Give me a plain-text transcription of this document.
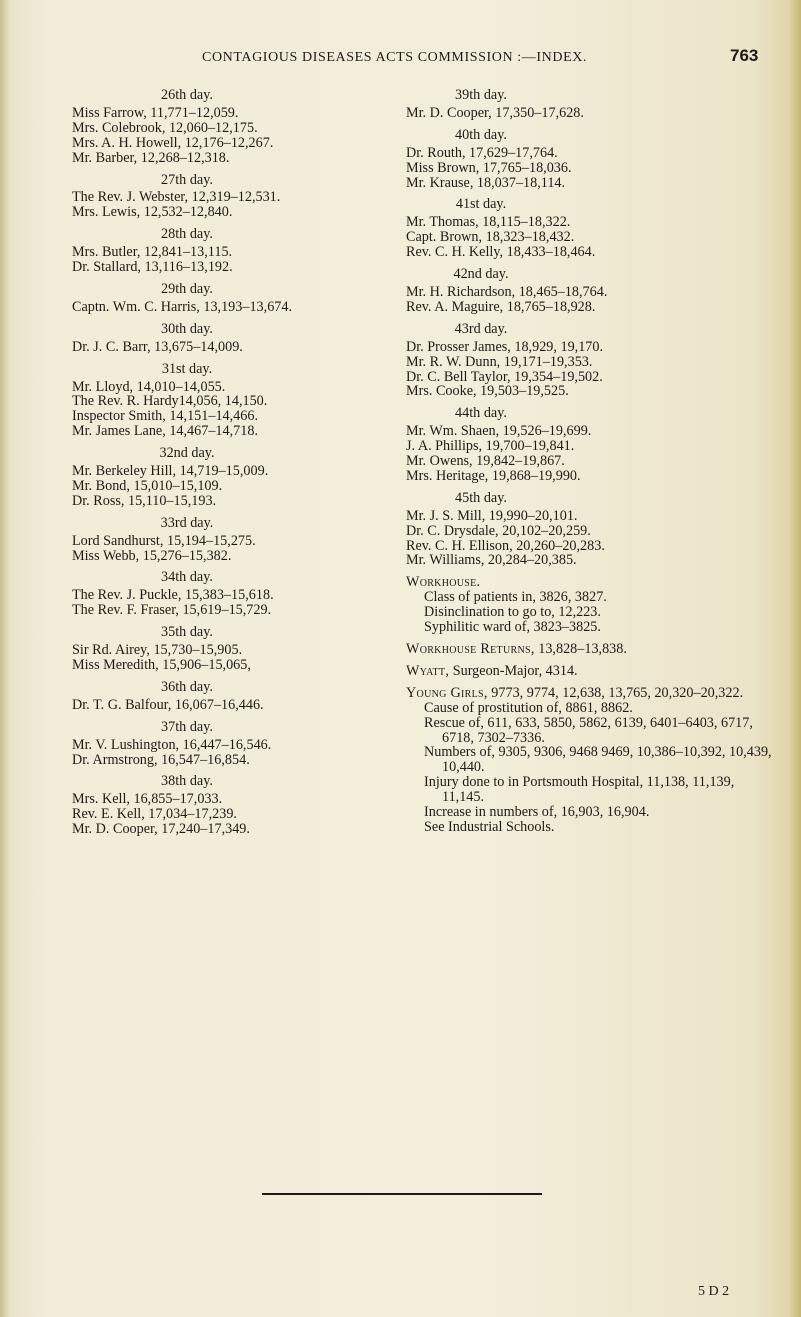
CONTAGIOUS DISEASES ACTS COMMISSION :—INDEX.	763
26th day.
Miss Farrow, 11,771–12,059.
Mrs. Colebrook, 12,060–12,175.
Mrs. A. H. Howell, 12,176–12,267.
Mr. Barber, 12,268–12,318.
27th day.
The Rev. J. Webster, 12,319–12,531.
Mrs. Lewis, 12,532–12,840.
28th day.
Mrs. Butler, 12,841–13,115.
Dr. Stallard, 13,116–13,192.
29th day.
Captn. Wm. C. Harris, 13,193–13,674.
30th day.
Dr. J. C. Barr, 13,675–14,009.
31st day.
Mr. Lloyd, 14,010–14,055.
The Rev. R. Hardy14,056, 14,150.
Inspector Smith, 14,151–14,466.
Mr. James Lane, 14,467–14,718.
32nd day.
Mr. Berkeley Hill, 14,719–15,009.
Mr. Bond, 15,010–15,109.
Dr. Ross, 15,110–15,193.
33rd day.
Lord Sandhurst, 15,194–15,275.
Miss Webb, 15,276–15,382.
34th day.
The Rev. J. Puckle, 15,383–15,618.
The Rev. F. Fraser, 15,619–15,729.
35th day.
Sir Rd. Airey, 15,730–15,905.
Miss Meredith, 15,906–15,065,
36th day.
Dr. T. G. Balfour, 16,067–16,446.
37th day.
Mr. V. Lushington, 16,447–16,546.
Dr. Armstrong, 16,547–16,854.
38th day.
Mrs. Kell, 16,855–17,033.
Rev. E. Kell, 17,034–17,239.
Mr. D. Cooper, 17,240–17,349.
39th day.
Mr. D. Cooper, 17,350–17,628.
40th day.
Dr. Routh, 17,629–17,764.
Miss Brown, 17,765–18,036.
Mr. Krause, 18,037–18,114.
41st day.
Mr. Thomas, 18,115–18,322.
Capt. Brown, 18,323–18,432.
Rev. C. H. Kelly, 18,433–18,464.
42nd day.
Mr. H. Richardson, 18,465–18,764.
Rev. A. Maguire, 18,765–18,928.
43rd day.
Dr. Prosser James, 18,929, 19,170.
Mr. R. W. Dunn, 19,171–19,353.
Dr. C. Bell Taylor, 19,354–19,502.
Mrs. Cooke, 19,503–19,525.
44th day.
Mr. Wm. Shaen, 19,526–19,699.
J. A. Phillips, 19,700–19,841.
Mr. Owens, 19,842–19,867.
Mrs. Heritage, 19,868–19,990.
45th day.
Mr. J. S. Mill, 19,990–20,101.
Dr. C. Drysdale, 20,102–20,259.
Rev. C. H. Ellison, 20,260–20,283.
Mr. Williams, 20,284–20,385.
Workhouse.
Class of patients in, 3826, 3827.
Disinclination to go to, 12,223.
Syphilitic ward of, 3823–3825.
Workhouse Returns, 13,828–13,838.
Wyatt, Surgeon-Major, 4314.
Young Girls, 9773, 9774, 12,638, 13,765, 20,320–20,322.
Cause of prostitution of, 8861, 8862.
Rescue of, 611, 633, 5850, 5862, 6139, 6401–6403, 6717, 6718, 7302–7336.
Numbers of, 9305, 9306, 9468 9469, 10,386–10,392, 10,439, 10,440.
Injury done to in Portsmouth Hospital, 11,138, 11,139, 11,145.
Increase in numbers of, 16,903, 16,904.
See Industrial Schools.
5 D 2
